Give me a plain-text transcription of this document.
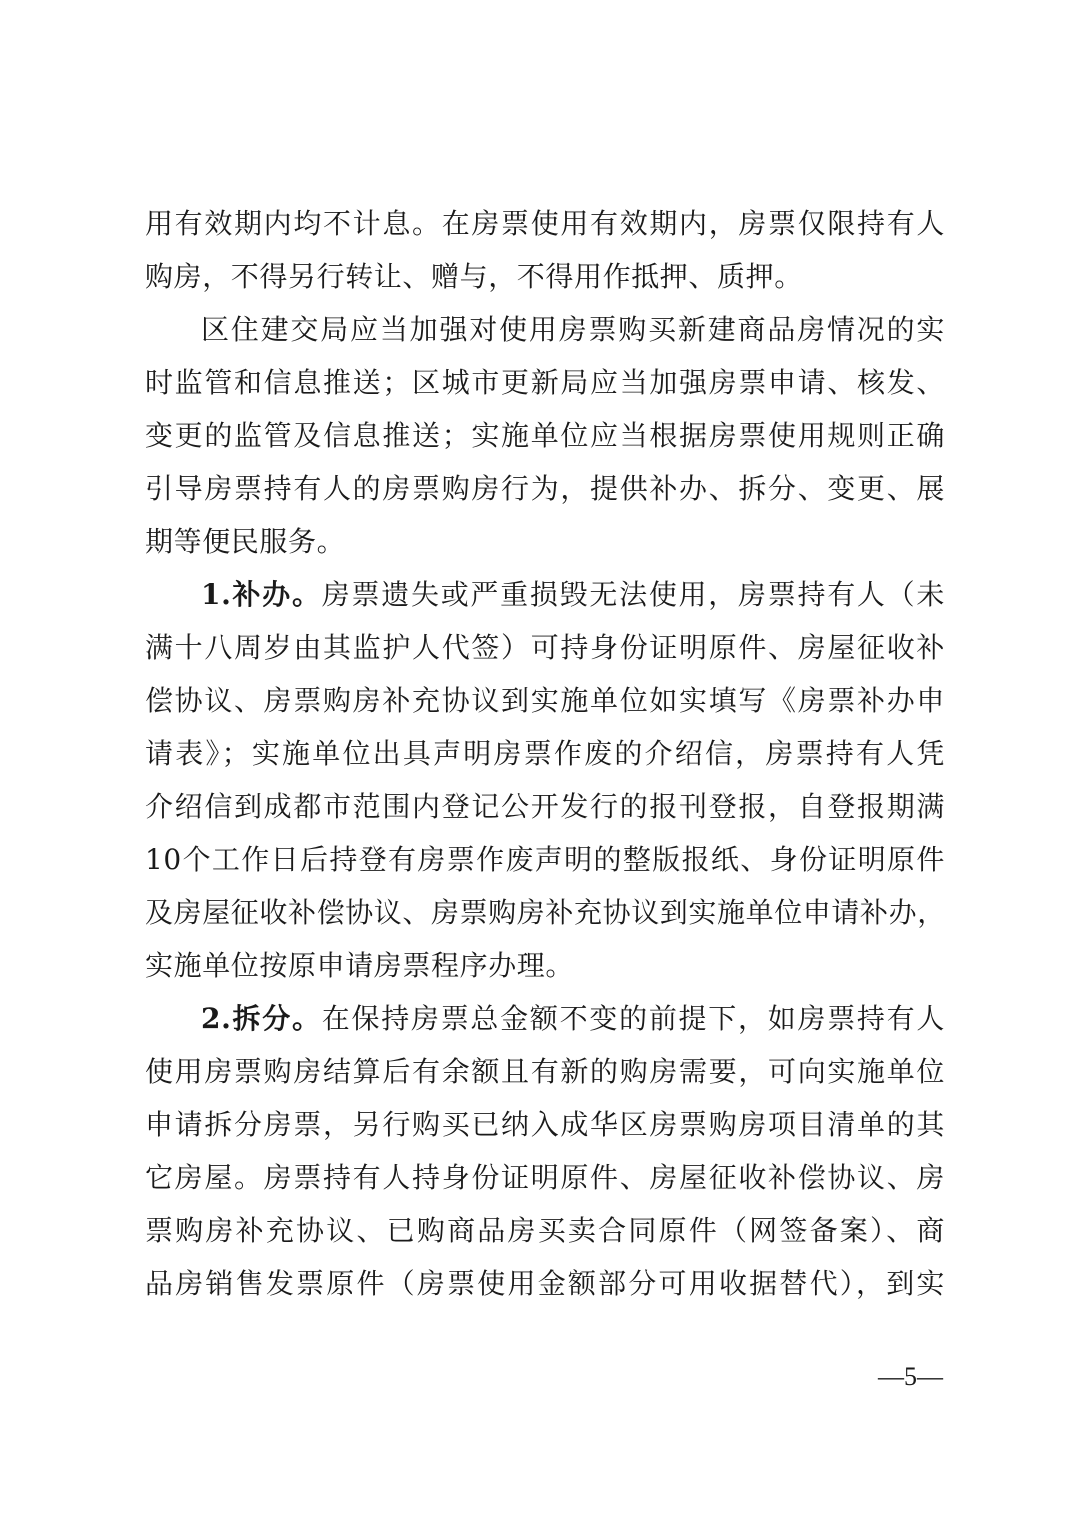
用有效期内均不计息。在房票使用有效期内，房票仅限持有人
购房，不得另行转让、赠与，不得用作抵押、质押。
区住建交局应当加强对使用房票购买新建商品房情况的实
时监管和信息推送；区城市更新局应当加强房票申请、核发、
变更的监管及信息推送；实施单位应当根据房票使用规则正确
引导房票持有人的房票购房行为，提供补办、拆分、变更、展
期等便民服务。
1.补办。房票遗失或严重损毁无法使用，房票持有人（未
满十八周岁由其监护人代签）可持身份证明原件、房屋征收补
偿协议、房票购房补充协议到实施单位如实填写《房票补办申
请表》；实施单位出具声明房票作废的介绍信，房票持有人凭
介绍信到成都市范围内登记公开发行的报刊登报，自登报期满
10个工作日后持登有房票作废声明的整版报纸、身份证明原件
及房屋征收补偿协议、房票购房补充协议到实施单位申请补办，
实施单位按原申请房票程序办理。
2.拆分。在保持房票总金额不变的前提下，如房票持有人
使用房票购房结算后有余额且有新的购房需要，可向实施单位
申请拆分房票，另行购买已纳入成华区房票购房项目清单的其
它房屋。房票持有人持身份证明原件、房屋征收补偿协议、房
票购房补充协议、已购商品房买卖合同原件（网签备案）、商
品房销售发票原件（房票使用金额部分可用收据替代），到实
—5—
